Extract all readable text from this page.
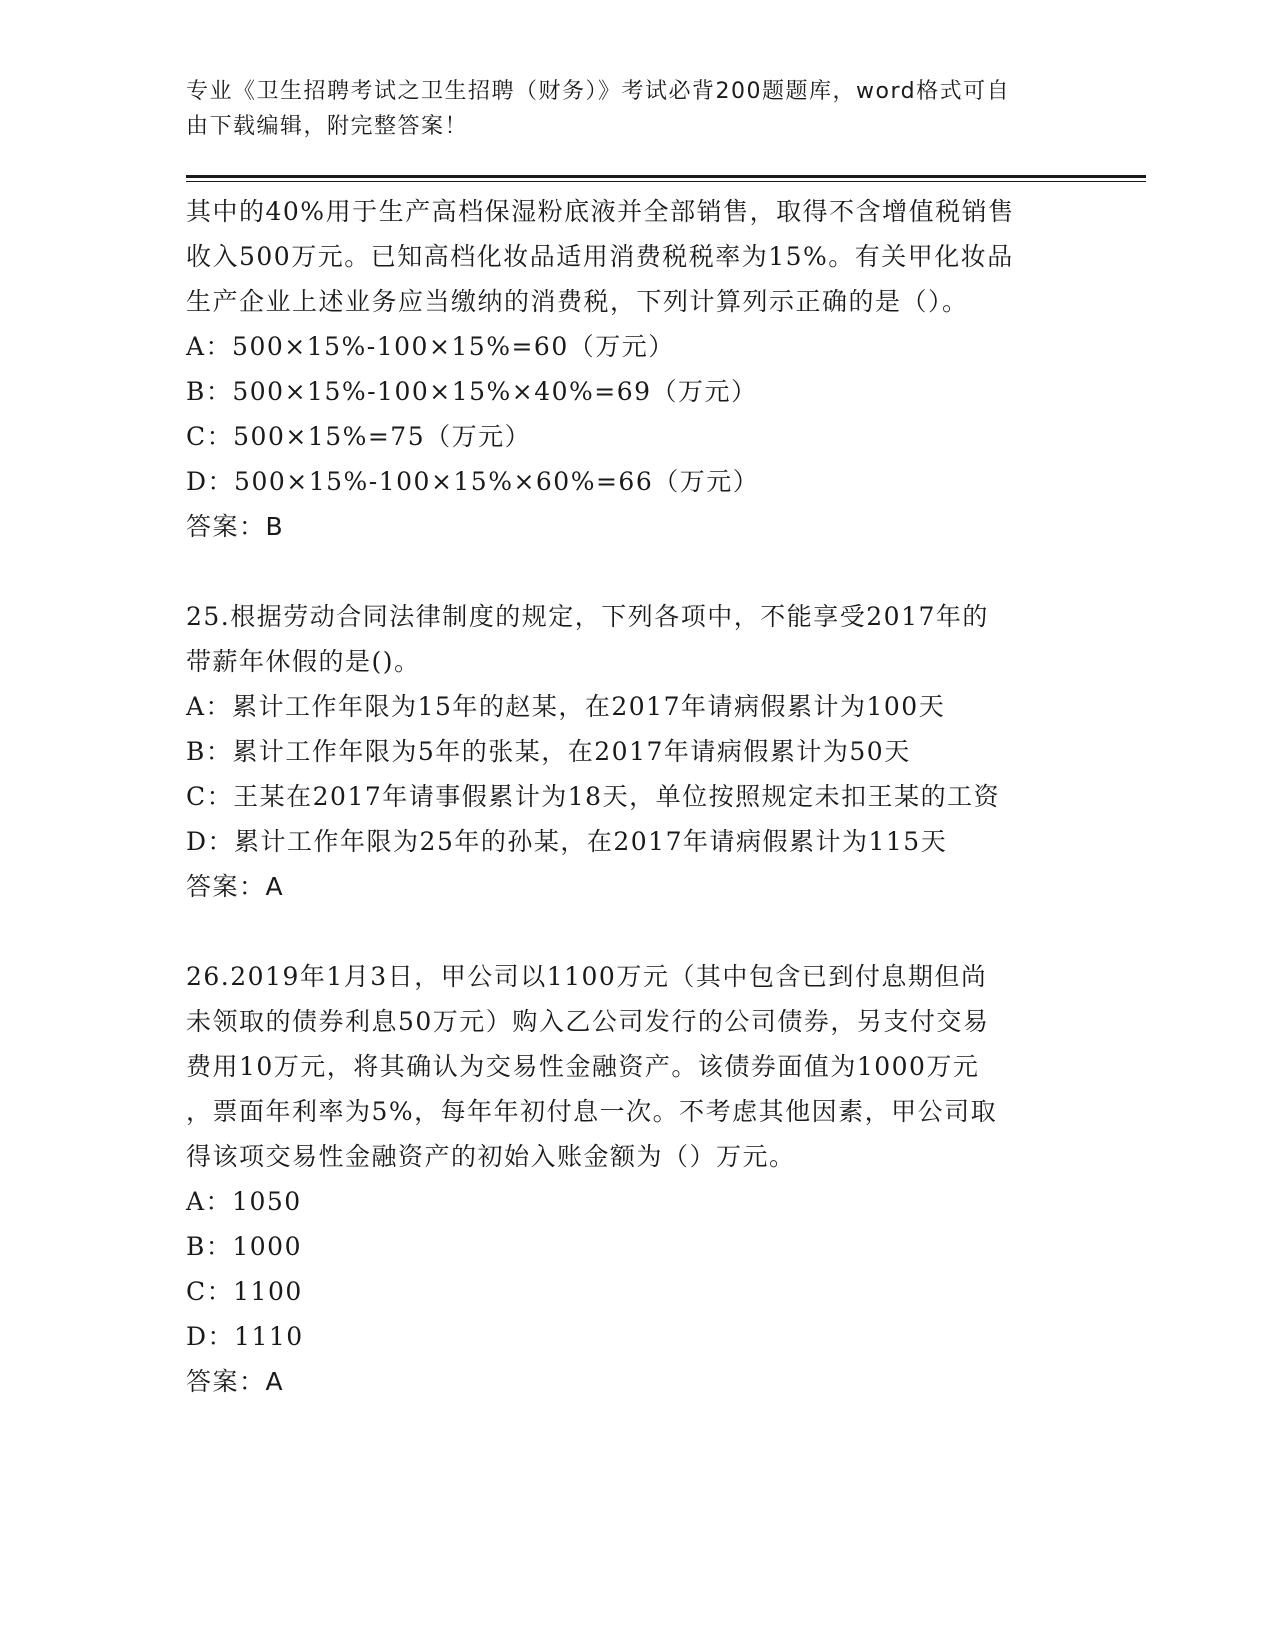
专业《卫生招聘考试之卫生招聘（财务）》考试必背200题题库，word格式可自
由下载编辑，附完整答案！
其中的40%用于生产高档保湿粉底液并全部销售，取得不含增值税销售
收入500万元。已知高档化妆品适用消费税税率为15%。有关甲化妆品
生产企业上述业务应当缴纳的消费税，下列计算列示正确的是（）。
A：500×15%-100×15%=60（万元）
B：500×15%-100×15%×40%=69（万元）
C：500×15%=75（万元）
D：500×15%-100×15%×60%=66（万元）
答案：B
25.根据劳动合同法律制度的规定，下列各项中，不能享受2017年的
带薪年休假的是()。
A：累计工作年限为15年的赵某，在2017年请病假累计为100天
B：累计工作年限为5年的张某，在2017年请病假累计为50天
C：王某在2017年请事假累计为18天，单位按照规定未扣王某的工资
D：累计工作年限为25年的孙某，在2017年请病假累计为115天
答案：A
26.2019年1月3日，甲公司以1100万元（其中包含已到付息期但尚
未领取的债券利息50万元）购入乙公司发行的公司债券，另支付交易
费用10万元，将其确认为交易性金融资产。该债券面值为1000万元
，票面年利率为5%，每年年初付息一次。不考虑其他因素，甲公司取
得该项交易性金融资产的初始入账金额为（）万元。
A：1050
B：1000
C：1100
D：1110
答案：A
